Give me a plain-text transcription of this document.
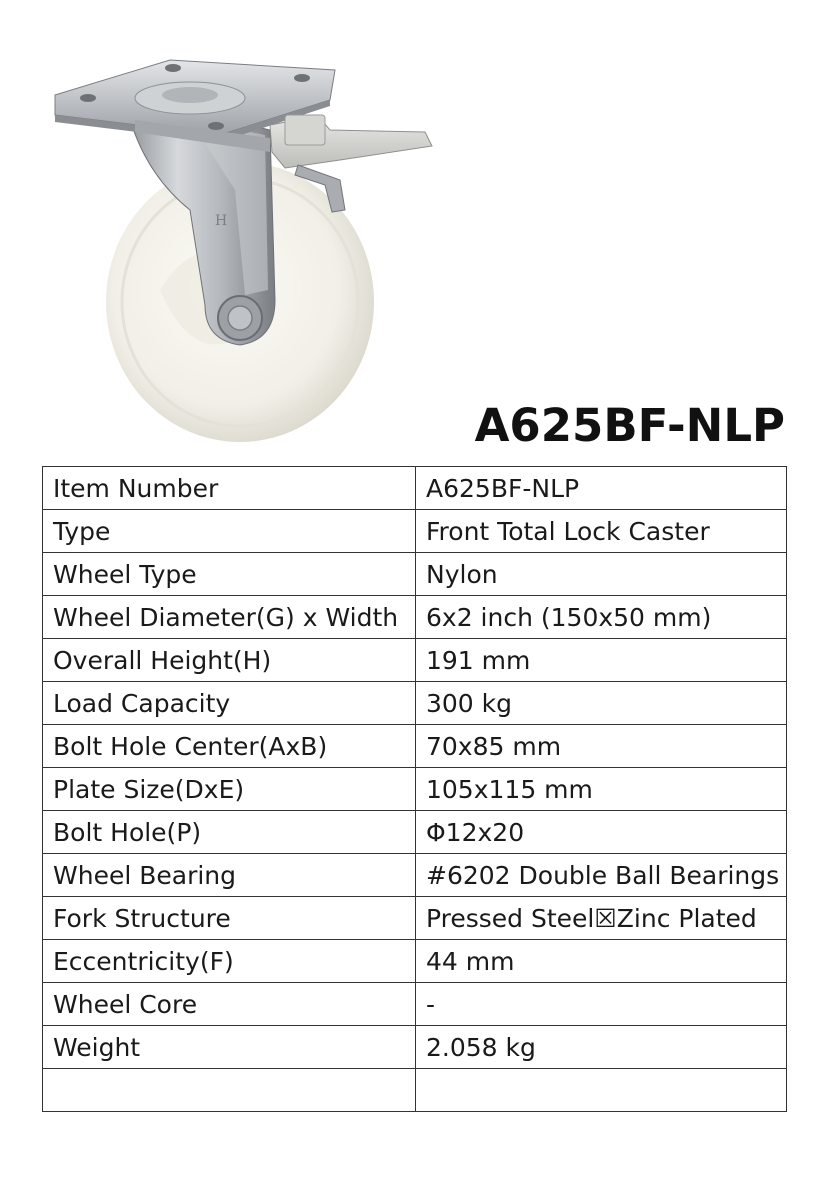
H
A625BF-NLP
Item Number	A625BF-NLP
Type	Front Total Lock Caster
Wheel Type	Nylon
Wheel Diameter(G) x Width	6x2 inch (150x50 mm)
Overall Height(H)	191 mm
Load Capacity	300 kg
Bolt Hole Center(AxB)	70x85 mm
Plate Size(DxE)	105x115 mm
Bolt Hole(P)	Φ12x20
Wheel Bearing	#6202 Double Ball Bearings
Fork Structure	Pressed Steel☒Zinc Plated
Eccentricity(F)	44 mm
Wheel Core	-
Weight	2.058 kg
